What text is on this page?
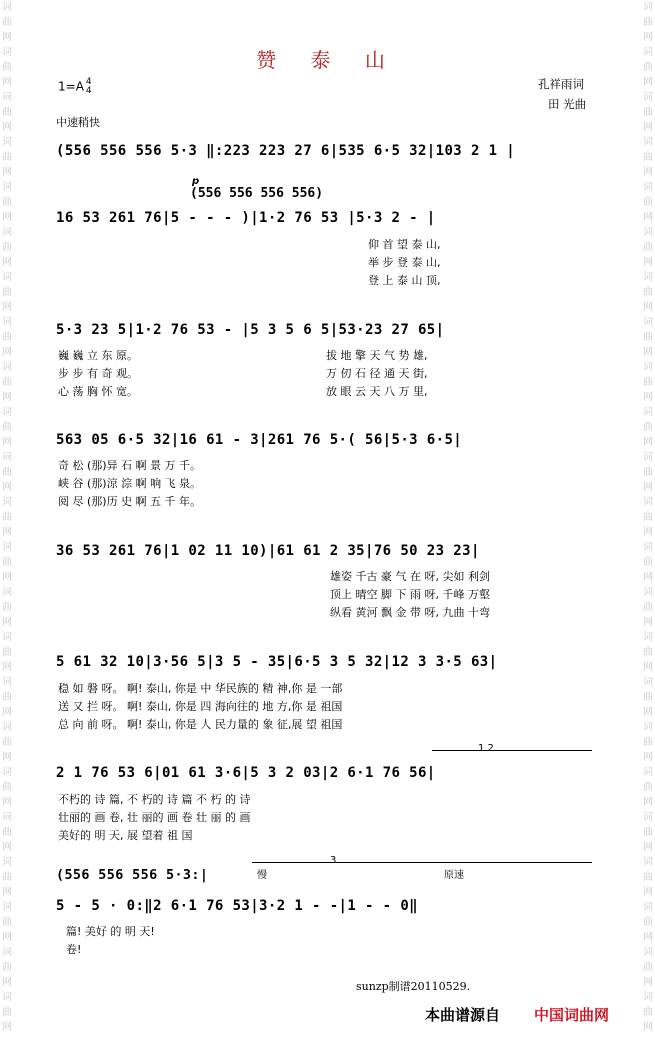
词
曲
网
词
曲
网
词
曲
网
词
曲
网
词
曲
网
词
曲
网
词
曲
网
词
曲
网
词
曲
网
词
曲
网
词
曲
网
词
曲
网
词
曲
网
词
曲
网
词
曲
网
词
曲
网
词
曲
网
词
曲
网
词
曲
网
词
曲
网
词
曲
网
词
曲
网
词
曲
网
词
曲
网
词
曲
网
词
曲
网
词
曲
网
词
曲
网
词
曲
网
词
曲
网
词
曲
网
词
曲
网
词
曲
网
词
曲
网
词
曲
网
词
曲
网
词
曲
网
词
曲
网
词
曲
网
词
曲
网
词
曲
网
词
曲
网
词
曲
网
词
曲
网
词
曲
网
词
曲
网
赞 泰 山
1=A 4
4
中速稍快
孔祥雨词
田 光曲
p
(556 556 556 556)
(556 556 556 5·3 ‖:223 223 27 6|535 6·5 32|103 2 1 |
16 53 261 76|5 - - - )|1·2 76 53 |5·3 2 - |
仰 首 望 泰 山,
举 步 登 泰 山,
登 上 泰 山 顶,
5·3 23 5|1·2 76 53 - |5 3 5 6 5|53·23 27 65|
巍 巍 立 东 原。
步 步 有 奇 观。
心 荡 胸 怀 宽。
拔 地 擎 天 气 势 雄,
万 仞 石 径 通 天 街,
放 眼 云 天 八 万 里,
563 05 6·5 32|16 61 - 3|261 76 5·( 56|5·3 6·5|
奇 松 (那)异 石 啊 景 万 千。
峡 谷 (那)涼 淙 啊 响 飞 泉。
阅 尽 (那)历 史 啊 五 千 年。
36 53 261 76|1 02 11 10)|61 61 2 35|76 50 23 23|
雄姿 千古 豪 气 在 呀, 尖如 利剑
顶上 晴空 脚 下 雨 呀, 千峰 万壑
纵看 黄河 飘 金 带 呀, 九曲 十弯
5 61 32 10|3·56 5|3 5 - 35|6·5 3 5 32|12 3 3·5 63|
稳 如 磐 呀。 啊! 泰山, 你是 中 华民族的 精 神,你 是 一部
送 又 拦 呀。 啊! 泰山, 你是 四 海向往的 地 方,你 是 祖国
总 向 前 呀。 啊! 泰山, 你是 人 民力量的 象 征,展 望 祖国
1 2
2 1 76 53 6|01 61 3·6|5 3 2 03|2 6·1 76 56|
不朽的 诗 篇, 不 朽的 诗 篇 不 朽 的 诗
壮丽的 画 卷, 壮 丽的 画 卷 壮 丽 的 画
美好的 明 天, 展 望着 祖 国
3
慢	原速
(556 556 556 5·3:|
5 - 5 · 0:‖2 6·1 76 53|3·2 1 - -|1 - - 0‖
篇! 美好 的 明 天!
卷!
sunzp制谱20110529.
本曲谱源自 中国词曲网
